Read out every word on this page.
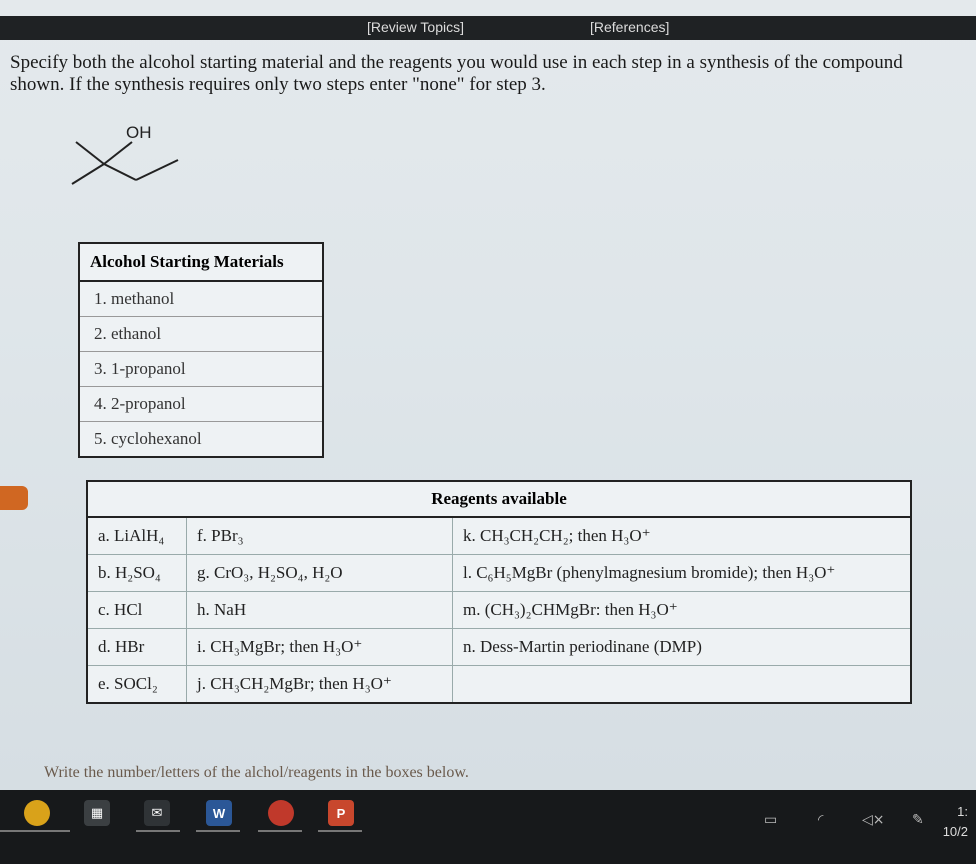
[Review Topics]	[References]
Specify both the alcohol starting material and the reagents you would use in each step in a synthesis of the compound shown. If the synthesis requires only two steps enter "none" for step 3.
OH
Alcohol Starting Materials
1. methanol
2. ethanol
3. 1-propanol
4. 2-propanol
5. cyclohexanol
Reagents available		
a. LiAlH₄	f. PBr₃	k. CH₃CH₂CH₂; then H₃O⁺
b. H₂SO₄	g. CrO₃, H₂SO₄, H₂O	l. C₆H₅MgBr (phenylmagnesium bromide); then H₃O⁺
c. HCl	h. NaH	m. (CH₃)₂CHMgBr: then H₃O⁺
d. HBr	i. CH₃MgBr; then H₃O⁺	n. Dess-Martin periodinane (DMP)
e. SOCl₂	j. CH₃CH₂MgBr; then H₃O⁺	
Write the number/letters of the alchol/reagents in the boxes below.
▦	✉	W	P	▭	◜	◁× ✎
1:
10/2
